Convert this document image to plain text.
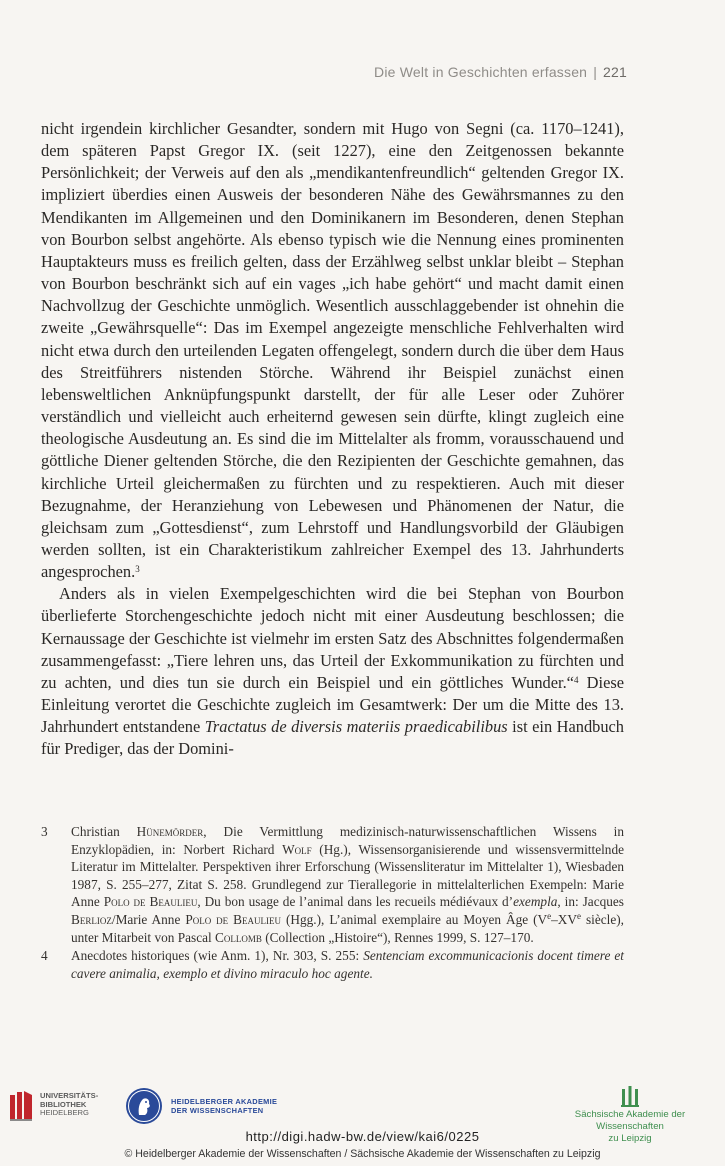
Die Welt in Geschichten erfassen | 221

nicht irgendein kirchlicher Gesandter, sondern mit Hugo von Segni (ca. 1170–1241), dem späteren Papst Gregor IX. (seit 1227), eine den Zeitgenossen bekannte Persönlichkeit; der Verweis auf den als „mendikantenfreundlich“ geltenden Gregor IX. impliziert überdies einen Ausweis der besonderen Nähe des Gewährsmannes zu den Mendikanten im Allgemeinen und den Dominikanern im Besonderen, denen Stephan von Bourbon selbst angehörte. Als ebenso typisch wie die Nennung eines prominenten Hauptakteurs muss es freilich gelten, dass der Erzählweg selbst unklar bleibt – Stephan von Bourbon beschränkt sich auf ein vages „ich habe gehört“ und macht damit einen Nachvollzug der Geschichte unmöglich. Wesentlich ausschlaggebender ist ohnehin die zweite „Gewährsquelle“: Das im Exempel angezeigte menschliche Fehlverhalten wird nicht etwa durch den urteilenden Legaten offengelegt, sondern durch die über dem Haus des Streitführers nistenden Störche. Während ihr Beispiel zunächst einen lebensweltlichen Anknüpfungspunkt darstellt, der für alle Leser oder Zuhörer verständlich und vielleicht auch erheiternd gewesen sein dürfte, klingt zugleich eine theologische Ausdeutung an. Es sind die im Mittelalter als fromm, vorausschauend und göttliche Diener geltenden Störche, die den Rezipienten der Geschichte gemahnen, das kirchliche Urteil gleichermaßen zu fürchten und zu respektieren. Auch mit dieser Bezugnahme, der Heranziehung von Lebewesen und Phänomenen der Natur, die gleichsam zum „Gottesdienst“, zum Lehrstoff und Handlungsvorbild der Gläubigen werden sollten, ist ein Charakteristikum zahlreicher Exempel des 13. Jahrhunderts angesprochen.$^3$

Anders als in vielen Exempelgeschichten wird die bei Stephan von Bourbon überlieferte Storchengeschichte jedoch nicht mit einer Ausdeutung beschlossen; die Kernaussage der Geschichte ist vielmehr im ersten Satz des Abschnittes folgendermaßen zusammengefasst: „Tiere lehren uns, das Urteil der Exkommunikation zu fürchten und zu achten, und dies tun sie durch ein Beispiel und ein göttliches Wunder.“$^4$ Diese Einleitung verortet die Geschichte zugleich im Gesamtwerk: Der um die Mitte des 13. Jahrhundert entstandene Tractatus de diversis materiis praedicabilibus ist ein Handbuch für Prediger, das der Domini-

3	Christian Hünemörder, Die Vermittlung medizinisch-naturwissenschaftlichen Wissens in Enzyklopädien, in: Norbert Richard Wolf (Hg.), Wissensorganisierende und wissensvermittelnde Literatur im Mittelalter. Perspektiven ihrer Erforschung (Wissensliteratur im Mittelalter 1), Wiesbaden 1987, S. 255–277, Zitat S. 258. Grundlegend zur Tierallegorie in mittelalterlichen Exempeln: Marie Anne Polo de Beaulieu, Du bon usage de l’animal dans les recueils médiévaux d’exempla, in: Jacques Berlioz/Marie Anne Polo de Beaulieu (Hgg.), L’animal exemplaire au Moyen Âge (Ve–XVe siècle), unter Mitarbeit von Pascal Collomb (Collection „Histoire“), Rennes 1999, S. 127–170.
4	Anecdotes historiques (wie Anm. 1), Nr. 303, S. 255: Sentenciam excommunicacionis docent timere et cavere animalia, exemplo et divino miraculo hoc agente.
UNIVERSITÄTS-
BIBLIOTHEK
HEIDELBERG
HEIDELBERGER AKADEMIE
DER WISSENSCHAFTEN	Sächsische Akademie der Wissenschaften
zu Leipzig
http://digi.hadw-bw.de/view/kai6/0225
© Heidelberger Akademie der Wissenschaften / Sächsische Akademie der Wissenschaften zu Leipzig
